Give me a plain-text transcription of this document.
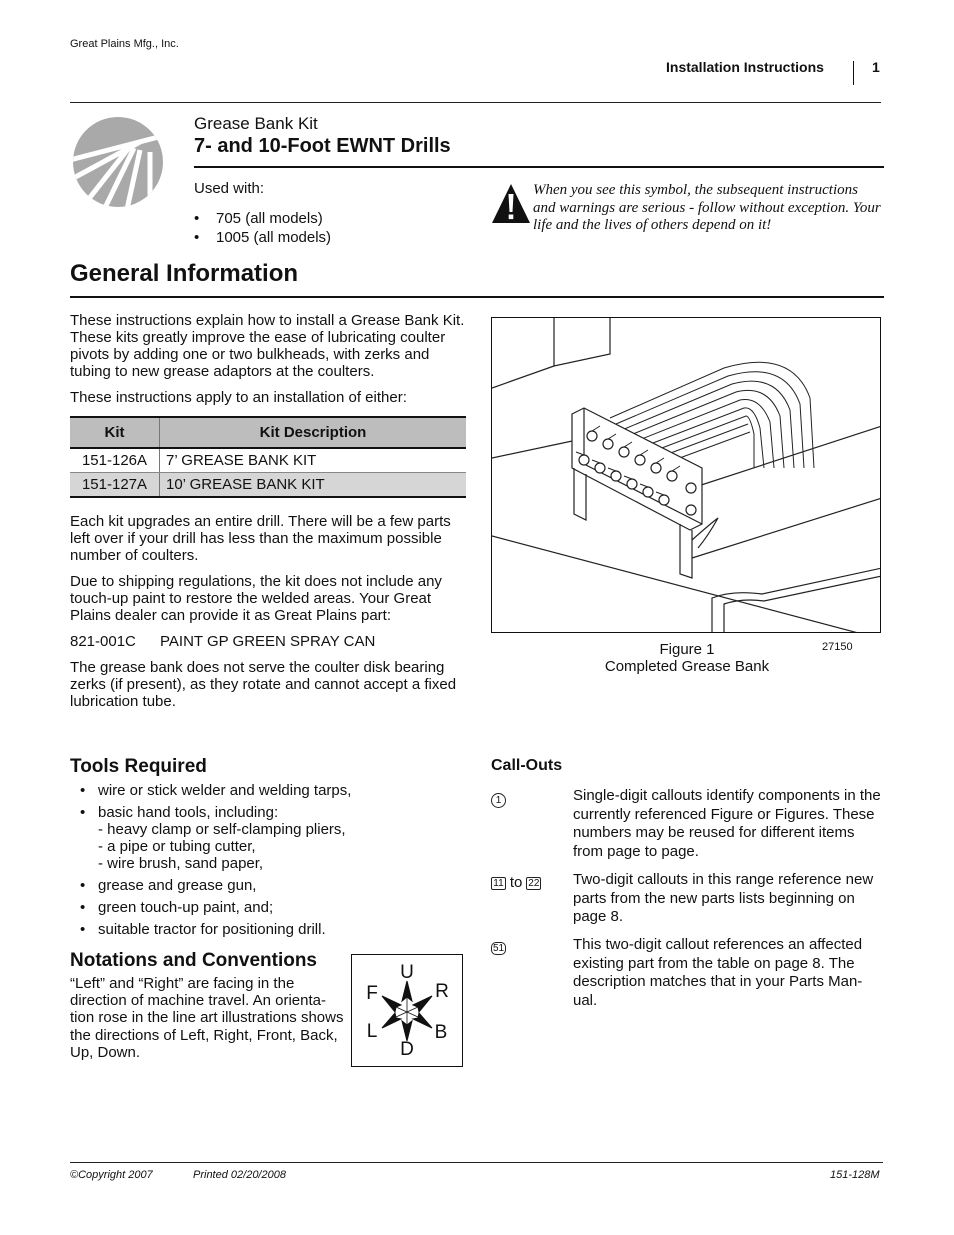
Great Plains Mfg., Inc.
Installation Instructions	1
Grease Bank Kit
7- and 10-Foot EWNT Drills
Used with:
• 705 (all models)
• 1005 (all models)
When you see this symbol, the subsequent instructions and warnings are serious - follow without exception. Your life and the lives of others depend on it!
General Information
These instructions explain how to install a Grease Bank Kit. These kits greatly improve the ease of lubricating coulter pivots by adding one or two bulkheads, with zerks and tubing to new grease adaptors at the coulters.
These instructions apply to an installation of either:
Kit	Kit Description
151-126A	7’ GREASE BANK KIT
151-127A	10’ GREASE BANK KIT
Each kit upgrades an entire drill. There will be a few parts left over if your drill has less than the maximum possible number of coulters.
Due to shipping regulations, the kit does not include any touch-up paint to restore the welded areas. Your Great Plains dealer can provide it as Great Plains part:
821-001C PAINT GP GREEN SPRAY CAN
The grease bank does not serve the coulter disk bearing zerks (if present), as they rotate and cannot accept a fixed lubrication tube.
Figure 1
Completed Grease Bank
27150
Tools Required
• wire or stick welder and welding tarps,
• basic hand tools, including:
- heavy clamp or self-clamping pliers,
- a pipe or tubing cutter,
- wire brush, sand paper,
• grease and grease gun,
• green touch-up paint, and;
• suitable tractor for positioning drill.
Notations and Conventions
“Left” and “Right” are facing in the direction of machine travel. An orienta-tion rose in the line art illustrations shows the directions of Left, Right, Front, Back, Up, Down.
U
D
F	R
L	B
Call-Outs
1	Single-digit callouts identify components in the currently referenced Figure or Figures. These numbers may be reused for different items from page to page.
11 to 22 Two-digit callouts in this range reference new parts from the new parts lists beginning on page 8.
51	This two-digit callout references an affected existing part from the table on page 8. The description matches that in your Parts Man-ual.
©Copyright 2007	Printed 02/20/2008	151-128M
